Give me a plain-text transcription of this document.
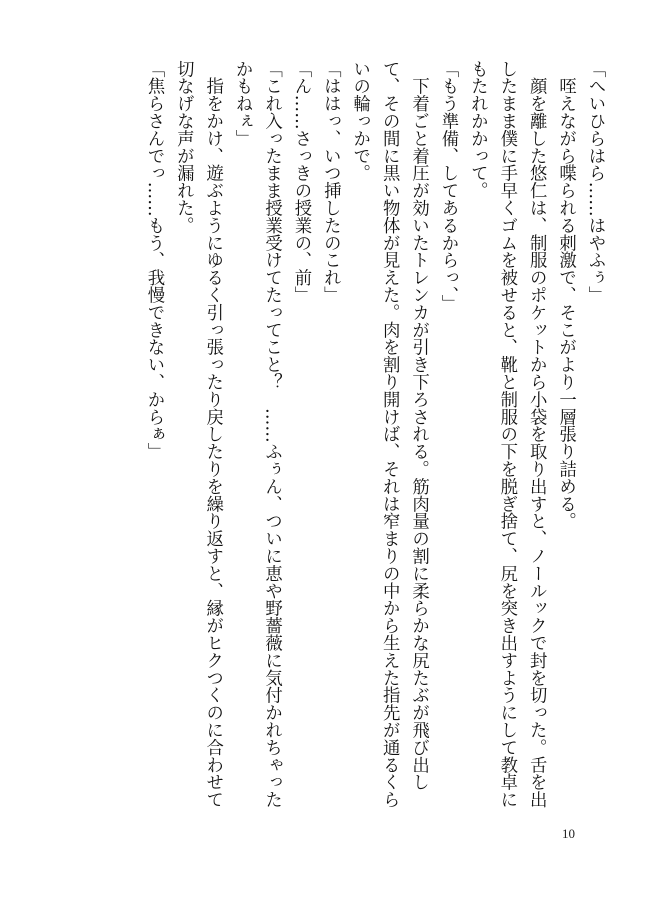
「へいひらはら……はやふぅ」

　咥えながら喋られる刺激で、そこがより一層張り詰める。

　顔を離した悠仁は、制服のポケットから小袋を取り出すと、ノールックで封を切った。舌を出したまま僕に手早くゴムを被せると、靴と制服の下を脱ぎ捨て、尻を突き出すようにして教卓にもたれかかって。

「もう準備、してあるからっ、」

　下着ごと着圧が効いたトレンカが引き下ろされる。筋肉量の割に柔らかな尻たぶが飛び出して、その間に黒い物体が見えた。肉を割り開けば、それは窄まりの中から生えた指先が通るくらいの輪っかで。

「ははっ、いつ挿したのこれ」

「ん……さっきの授業の、前」

「これ入ったまま授業受けてたってこと？　……ふぅん、ついに恵や野薔薇に気付かれちゃったかもねぇ」

　指をかけ、遊ぶようにゆるく引っ張ったり戻したりを繰り返すと、縁がヒクつくのに合わせて切なげな声が漏れた。

「焦らさんでっ……もう、我慢できない、からぁ」

10
